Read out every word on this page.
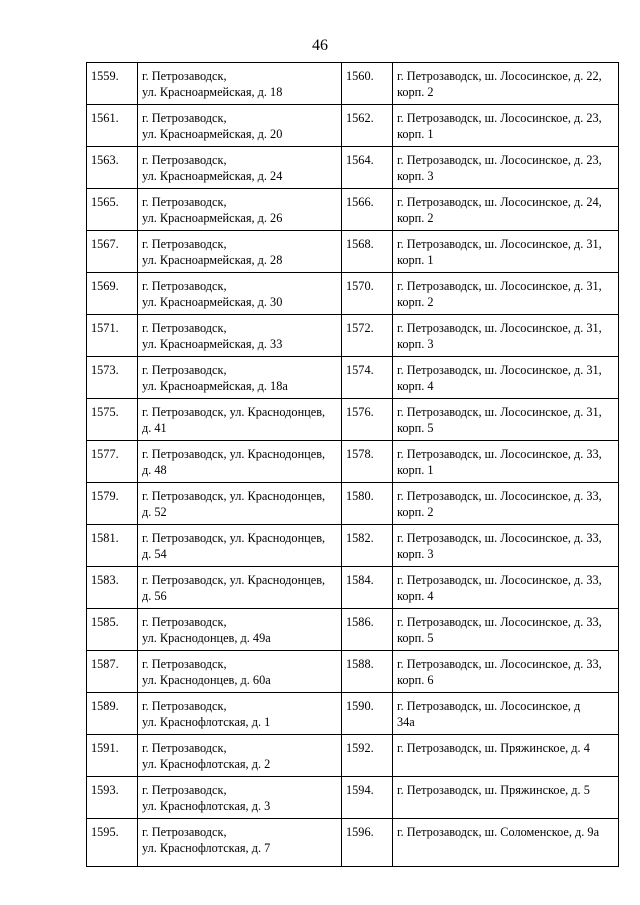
46
1559.	г. Петрозаводск,
ул. Красноармейская, д. 18	1560.	г. Петрозаводск, ш. Лососинское, д. 22,
корп. 2

1561.	г. Петрозаводск,
ул. Красноармейская, д. 20	1562.	г. Петрозаводск, ш. Лососинское, д. 23,
корп. 1

1563.	г. Петрозаводск,
ул. Красноармейская, д. 24	1564.	г. Петрозаводск, ш. Лососинское, д. 23,
корп. 3

1565.	г. Петрозаводск,
ул. Красноармейская, д. 26	1566.	г. Петрозаводск, ш. Лососинское, д. 24,
корп. 2

1567.	г. Петрозаводск,
ул. Красноармейская, д. 28	1568.	г. Петрозаводск, ш. Лососинское, д. 31,
корп. 1

1569.	г. Петрозаводск,
ул. Красноармейская, д. 30	1570.	г. Петрозаводск, ш. Лососинское, д. 31,
корп. 2

1571.	г. Петрозаводск,
ул. Красноармейская, д. 33	1572.	г. Петрозаводск, ш. Лососинское, д. 31,
корп. 3

1573.	г. Петрозаводск,
ул. Красноармейская, д. 18а	1574.	г. Петрозаводск, ш. Лососинское, д. 31,
корп. 4

1575.	г. Петрозаводск, ул. Краснодонцев,
д. 41	1576.	г. Петрозаводск, ш. Лососинское, д. 31,
корп. 5

1577.	г. Петрозаводск, ул. Краснодонцев,
д. 48	1578.	г. Петрозаводск, ш. Лососинское, д. 33,
корп. 1

1579.	г. Петрозаводск, ул. Краснодонцев,
д. 52	1580.	г. Петрозаводск, ш. Лососинское, д. 33,
корп. 2

1581.	г. Петрозаводск, ул. Краснодонцев,
д. 54	1582.	г. Петрозаводск, ш. Лососинское, д. 33,
корп. 3

1583.	г. Петрозаводск, ул. Краснодонцев,
д. 56	1584.	г. Петрозаводск, ш. Лососинское, д. 33,
корп. 4

1585.	г. Петрозаводск,
ул. Краснодонцев, д. 49а	1586.	г. Петрозаводск, ш. Лососинское, д. 33,
корп. 5

1587.	г. Петрозаводск,
ул. Краснодонцев, д. 60а	1588.	г. Петрозаводск, ш. Лососинское, д. 33,
корп. 6

1589.	г. Петрозаводск,
ул. Краснофлотская, д. 1	1590.	г. Петрозаводск, ш. Лососинское, д
34а

1591.	г. Петрозаводск,
ул. Краснофлотская, д. 2	1592.	г. Петрозаводск, ш. Пряжинское, д. 4

1593.	г. Петрозаводск,
ул. Краснофлотская, д. 3	1594.	г. Петрозаводск, ш. Пряжинское, д. 5

1595.	г. Петрозаводск,
ул. Краснофлотская, д. 7	1596.	г. Петрозаводск, ш. Соломенское, д. 9а
